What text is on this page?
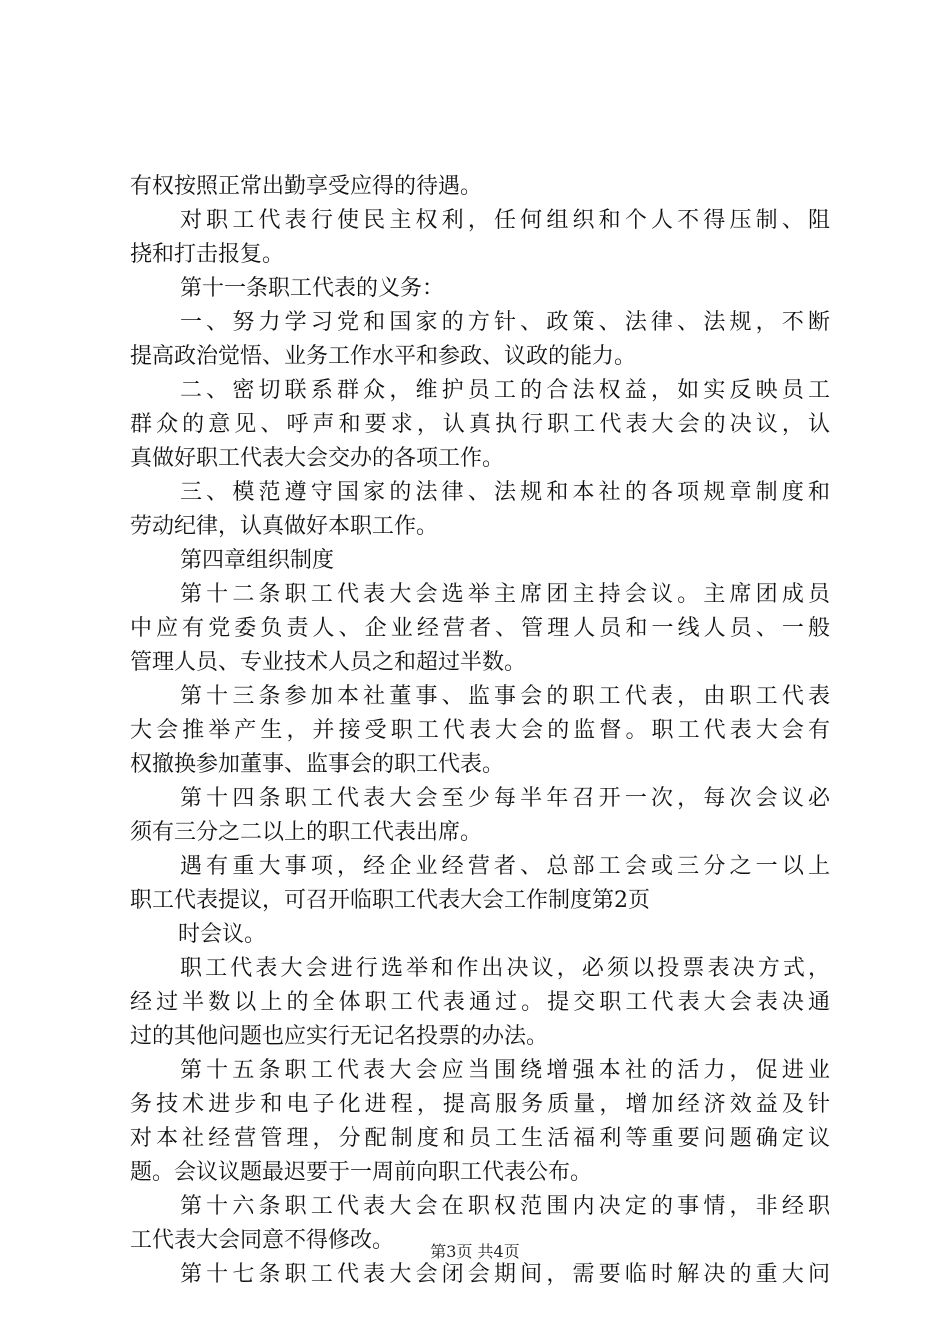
有权按照正常出勤享受应得的待遇。
对职工代表行使民主权利，任何组织和个人不得压制、阻
挠和打击报复。
第十一条职工代表的义务：
一、努力学习党和国家的方针、政策、法律、法规，不断
提高政治觉悟、业务工作水平和参政、议政的能力。
二、密切联系群众，维护员工的合法权益，如实反映员工
群众的意见、呼声和要求，认真执行职工代表大会的决议，认
真做好职工代表大会交办的各项工作。
三、模范遵守国家的法律、法规和本社的各项规章制度和
劳动纪律，认真做好本职工作。
第四章组织制度
第十二条职工代表大会选举主席团主持会议。主席团成员
中应有党委负责人、企业经营者、管理人员和一线人员、一般
管理人员、专业技术人员之和超过半数。
第十三条参加本社董事、监事会的职工代表，由职工代表
大会推举产生，并接受职工代表大会的监督。职工代表大会有
权撤换参加董事、监事会的职工代表。
第十四条职工代表大会至少每半年召开一次，每次会议必
须有三分之二以上的职工代表出席。
遇有重大事项，经企业经营者、总部工会或三分之一以上
职工代表提议，可召开临职工代表大会工作制度第2页
时会议。
职工代表大会进行选举和作出决议，必须以投票表决方式，
经过半数以上的全体职工代表通过。提交职工代表大会表决通
过的其他问题也应实行无记名投票的办法。
第十五条职工代表大会应当围绕增强本社的活力，促进业
务技术进步和电子化进程，提高服务质量，增加经济效益及针
对本社经营管理，分配制度和员工生活福利等重要问题确定议
题。会议议题最迟要于一周前向职工代表公布。
第十六条职工代表大会在职权范围内决定的事情，非经职
工代表大会同意不得修改。
第十七条职工代表大会闭会期间，需要临时解决的重大问
第3页 共4页
